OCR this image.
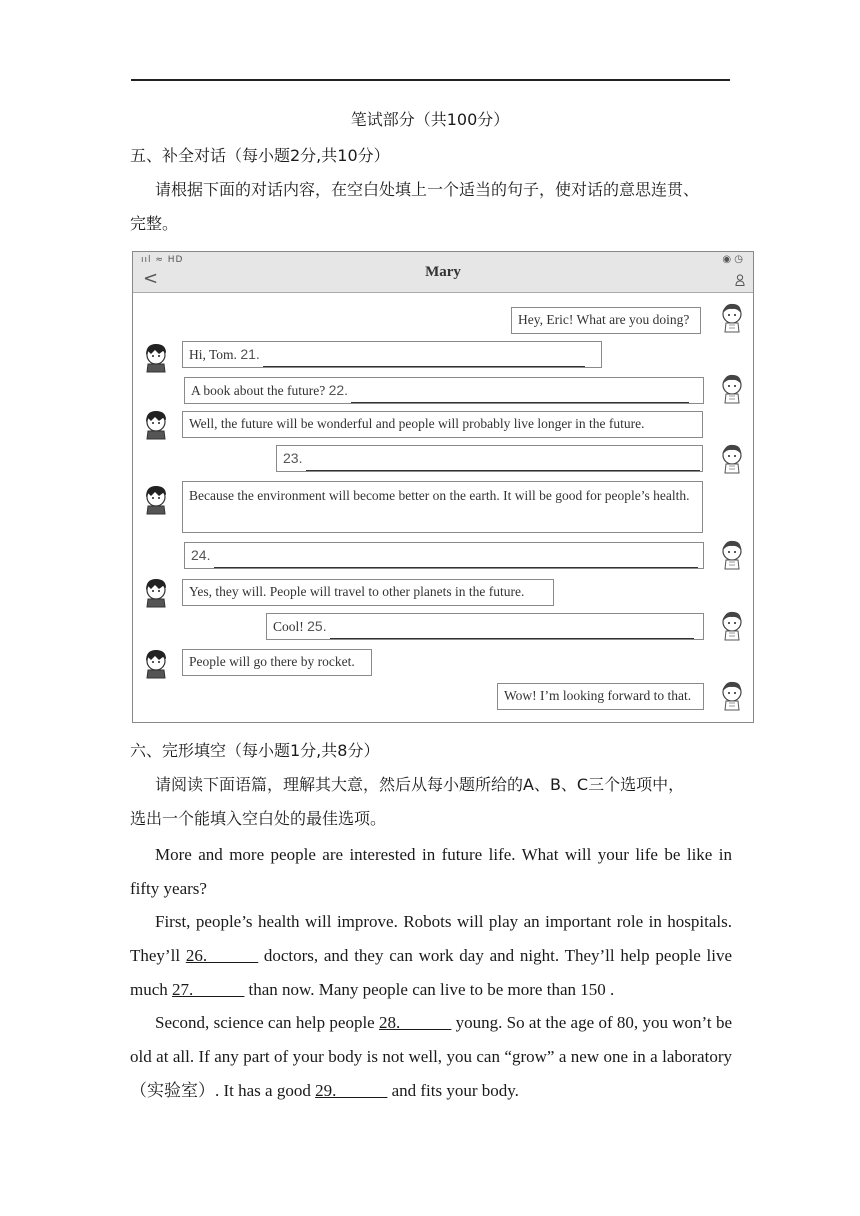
笔试部分（共100分）
五、补全对话（每小题2分,共10分）
请根据下面的对话内容，在空白处填上一个适当的句子，使对话的意思连贯、
完整。
ııl ≈ HD	◉ ◷
<	Mary
Hey, Eric! What are you doing?
Hi, Tom. 21.
A book about the future? 22.
Well, the future will be wonderful and people will probably live longer in the future.
23.
Because the environment will become better on the earth. It will be good for people’s health.
24.
Yes, they will. People will travel to other planets in the future.
Cool! 25.
People will go there by rocket.
Wow! I’m looking forward to that.
六、完形填空（每小题1分,共8分）
请阅读下面语篇，理解其大意，然后从每小题所给的A、B、C三个选项中，
选出一个能填入空白处的最佳选项。
More and more people are interested in future life. What will your life be like in fifty years?
First, people’s health will improve. Robots will play an important role in hospitals. They’ll 26.______ doctors, and they can work day and night. They’ll help people live much 27.______ than now. Many people can live to be more than 150 .
Second, science can help people 28.______ young. So at the age of 80, you won’t be old at all. If any part of your body is not well, you can “grow” a new one in a laboratory（实验室）. It has a good 29.______ and fits your body.
